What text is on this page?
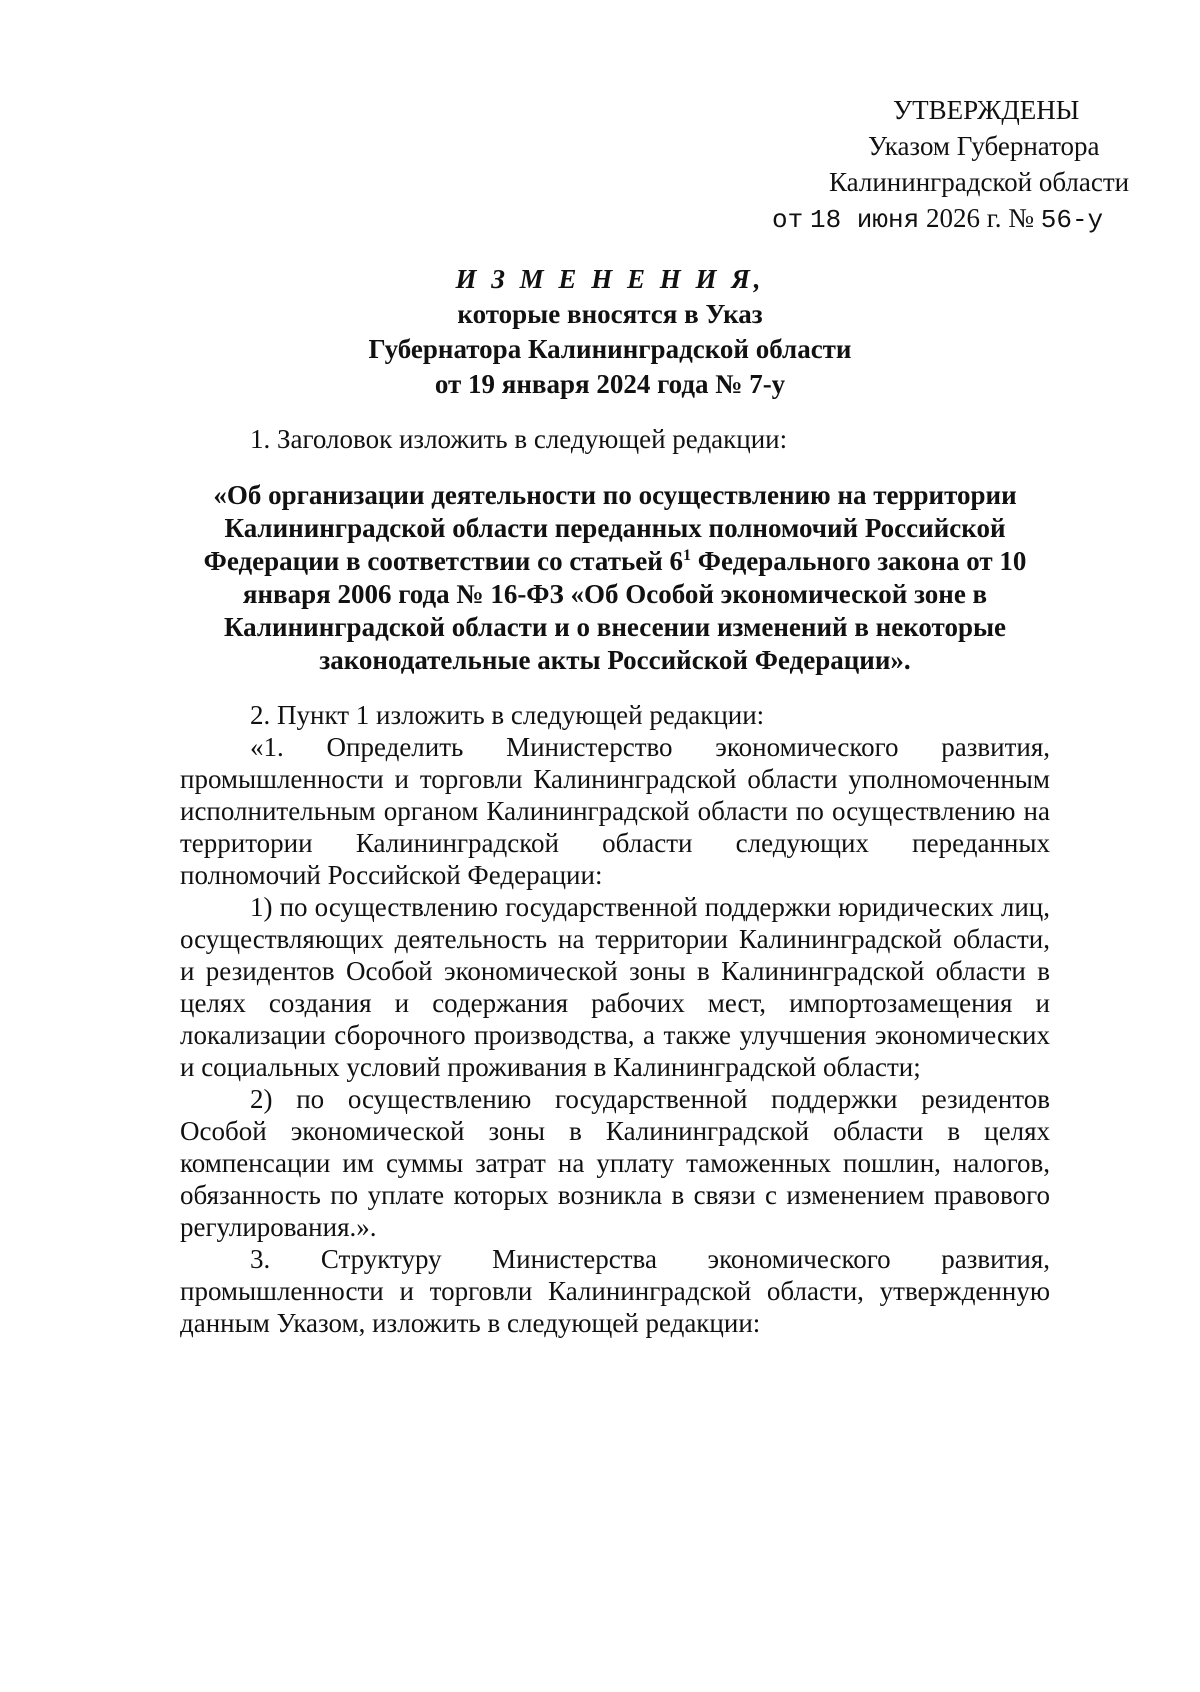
УТВЕРЖДЕНЫ
Указом Губернатора
Калининградской области
от 18 июня 2026 г. № 56-у
И З М Е Н Е Н И Я,
которые вносятся в Указ
Губернатора Калининградской области
от 19 января 2024 года № 7-у

1. Заголовок изложить в следующей редакции:

«Об организации деятельности по осуществлению на территории Калининградской области переданных полномочий Российской Федерации в соответствии со статьей $6^1$ Федерального закона от 10 января 2006 года № 16-ФЗ «Об Особой экономической зоне в Калининградской области и о внесении изменений в некоторые законодательные акты Российской Федерации».

2. Пункт 1 изложить в следующей редакции:

«1. Определить Министерство экономического развития, промышленности и торговли Калининградской области уполномоченным исполнительным органом Калининградской области по осуществлению на территории Калининградской области следующих переданных полномочий Российской Федерации:

1) по осуществлению государственной поддержки юридических лиц, осуществляющих деятельность на территории Калининградской области, и резидентов Особой экономической зоны в Калининградской области в целях создания и содержания рабочих мест, импортозамещения и локализации сборочного производства, а также улучшения экономических и социальных условий проживания в Калининградской области;

2) по осуществлению государственной поддержки резидентов Особой экономической зоны в Калининградской области в целях компенсации им суммы затрат на уплату таможенных пошлин, налогов, обязанность по уплате которых возникла в связи с изменением правового регулирования.».

3. Структуру Министерства экономического развития, промышленности и торговли Калининградской области, утвержденную данным Указом, изложить в следующей редакции:
